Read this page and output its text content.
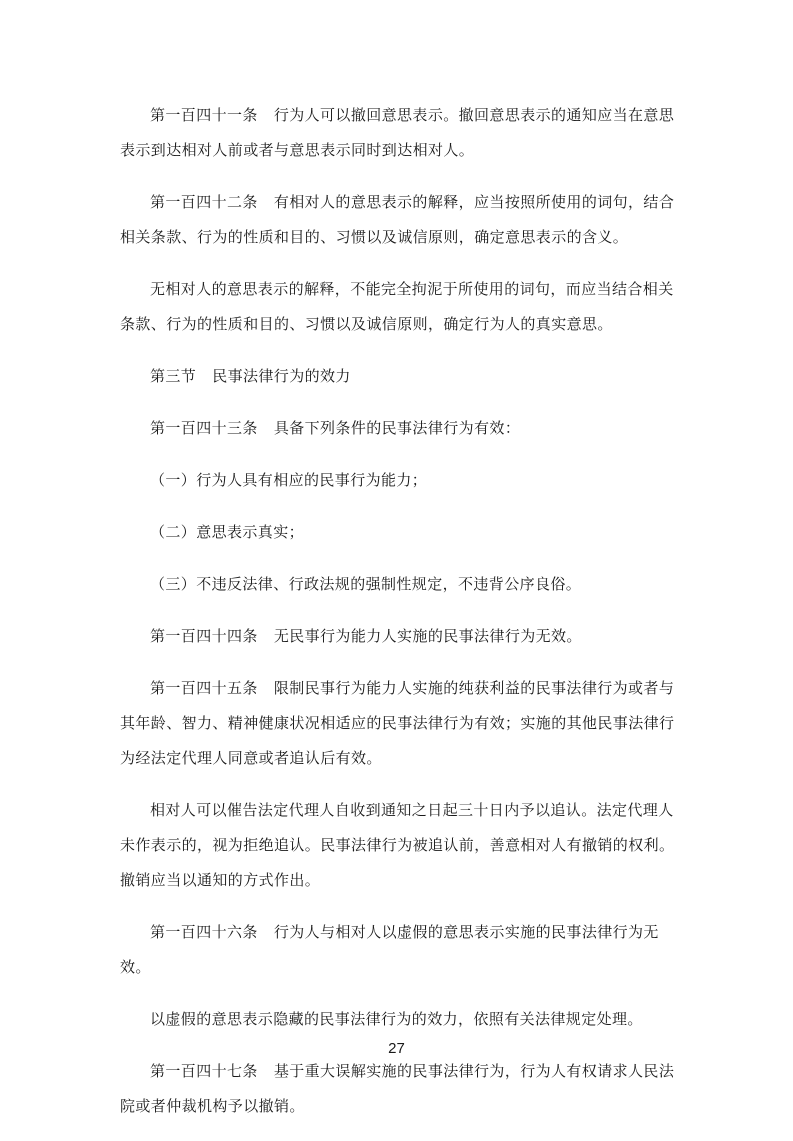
第一百四十一条 行为人可以撤回意思表示。撤回意思表示的通知应当在意思表示到达相对人前或者与意思表示同时到达相对人。

第一百四十二条 有相对人的意思表示的解释，应当按照所使用的词句，结合相关条款、行为的性质和目的、习惯以及诚信原则，确定意思表示的含义。

无相对人的意思表示的解释，不能完全拘泥于所使用的词句，而应当结合相关条款、行为的性质和目的、习惯以及诚信原则，确定行为人的真实意思。

第三节 民事法律行为的效力

第一百四十三条 具备下列条件的民事法律行为有效：

（一）行为人具有相应的民事行为能力；

（二）意思表示真实；

（三）不违反法律、行政法规的强制性规定，不违背公序良俗。

第一百四十四条 无民事行为能力人实施的民事法律行为无效。

第一百四十五条 限制民事行为能力人实施的纯获利益的民事法律行为或者与其年龄、智力、精神健康状况相适应的民事法律行为有效；实施的其他民事法律行为经法定代理人同意或者追认后有效。

相对人可以催告法定代理人自收到通知之日起三十日内予以追认。法定代理人未作表示的，视为拒绝追认。民事法律行为被追认前，善意相对人有撤销的权利。撤销应当以通知的方式作出。

第一百四十六条 行为人与相对人以虚假的意思表示实施的民事法律行为无效。

以虚假的意思表示隐藏的民事法律行为的效力，依照有关法律规定处理。

第一百四十七条 基于重大误解实施的民事法律行为，行为人有权请求人民法院或者仲裁机构予以撤销。

27
